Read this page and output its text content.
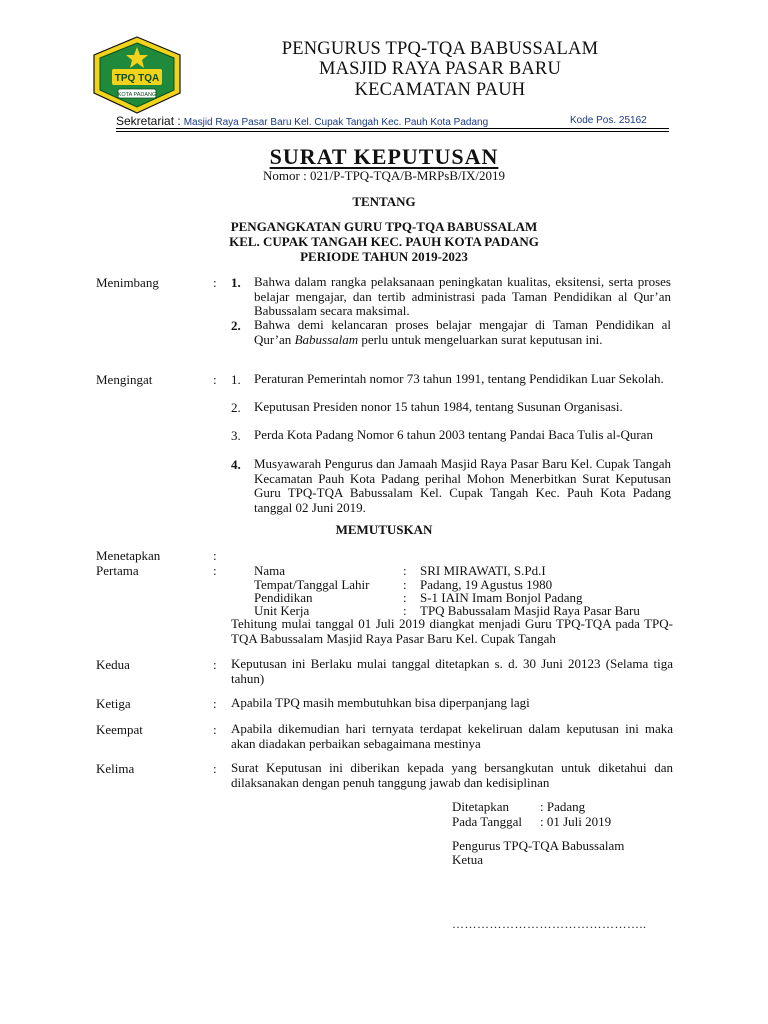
TPQ TQA
KOTA PADANG
PENGURUS TPQ-TQA BABUSSALAM
MASJID RAYA PASAR BARU
KECAMATAN PAUH
Sekretariat : Masjid Raya Pasar Baru Kel. Cupak Tangah Kec. Pauh Kota Padang	Kode Pos. 25162
SURAT KEPUTUSAN
Nomor : 021/P-TPQ-TQA/B-MRPsB/IX/2019
TENTANG
PENGANGKATAN GURU TPQ-TQA BABUSSALAM
KEL. CUPAK TANGAH KEC. PAUH KOTA PADANG
PERIODE TAHUN 2019-2023
Menimbang	: 1. Bahwa dalam rangka pelaksanaan peningkatan kualitas, eksitensi, serta proses belajar mengajar, dan tertib administrasi pada Taman Pendidikan al Qur’an Babussalam secara maksimal.
2. Bahwa demi kelancaran proses belajar mengajar di Taman Pendidikan al Qur’an Babussalam perlu untuk mengeluarkan surat keputusan ini.
Mengingat	: 1. Peraturan Pemerintah nomor 73 tahun 1991, tentang Pendidikan Luar Sekolah.
2. Keputusan Presiden nonor 15 tahun 1984, tentang Susunan Organisasi.
3. Perda Kota Padang Nomor 6 tahun 2003 tentang Pandai Baca Tulis al-Quran
4. Musyawarah Pengurus dan Jamaah Masjid Raya Pasar Baru Kel. Cupak Tangah Kecamatan Pauh Kota Padang perihal Mohon Menerbitkan Surat Keputusan Guru TPQ-TQA Babussalam Kel. Cupak Tangah Kec. Pauh Kota Padang tanggal 02 Juni 2019.
MEMUTUSKAN
Menetapkan	:
Pertama	:	Nama	: SRI MIRAWATI, S.Pd.I
Tempat/Tanggal Lahir	: Padang, 19 Agustus 1980
Pendidikan	: S-1 IAIN Imam Bonjol Padang
Unit Kerja	: TPQ Babussalam Masjid Raya Pasar Baru
Tehitung mulai tanggal 01 Juli 2019 diangkat menjadi Guru TPQ-TQA pada TPQ-TQA Babussalam Masjid Raya Pasar Baru Kel. Cupak Tangah
Kedua	: Keputusan ini Berlaku mulai tanggal ditetapkan s. d. 30 Juni 20123 (Selama tiga tahun)
Ketiga	: Apabila TPQ masih membutuhkan bisa diperpanjang lagi
Keempat	: Apabila dikemudian hari ternyata terdapat kekeliruan dalam keputusan ini maka akan diadakan perbaikan sebagaimana mestinya
Kelima	: Surat Keputusan ini diberikan kepada yang bersangkutan untuk diketahui dan dilaksanakan dengan penuh tanggung jawab dan kedisiplinan
Ditetapkan : Padang
Pada Tanggal : 01 Juli 2019
Pengurus TPQ-TQA Babussalam
Ketua
………………………………………..
